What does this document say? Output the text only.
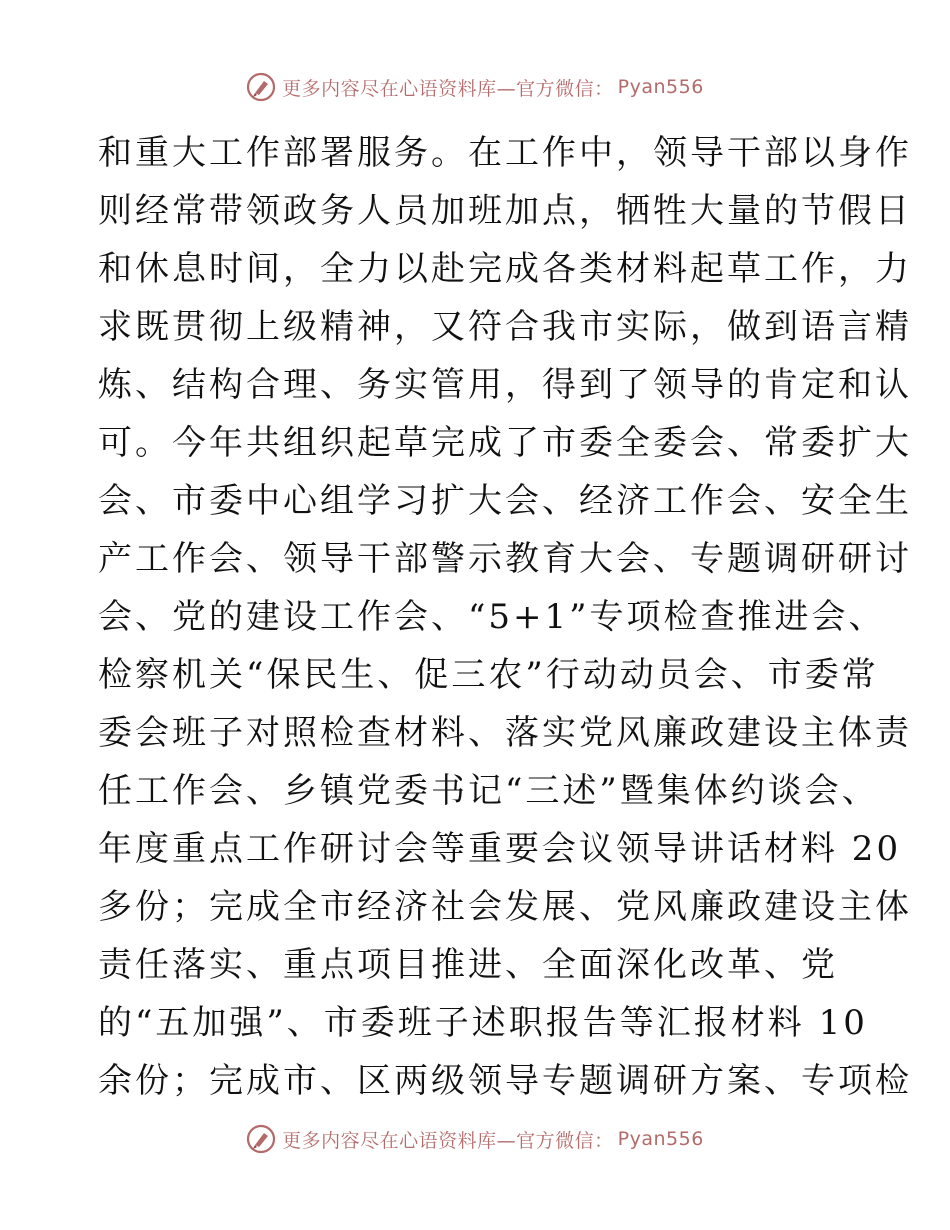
更多内容尽在心语资料库—官方微信： Pyan556
和重大工作部署服务。在工作中，领导干部以身作
则经常带领政务人员加班加点，牺牲大量的节假日
和休息时间，全力以赴完成各类材料起草工作，力
求既贯彻上级精神，又符合我市实际，做到语言精
炼、结构合理、务实管用，得到了领导的肯定和认
可。今年共组织起草完成了市委全委会、常委扩大
会、市委中心组学习扩大会、经济工作会、安全生
产工作会、领导干部警示教育大会、专题调研研讨
会、党的建设工作会、“5+1”专项检查推进会、
检察机关“保民生、促三农”行动动员会、市委常
委会班子对照检查材料、落实党风廉政建设主体责
任工作会、乡镇党委书记“三述”暨集体约谈会、
年度重点工作研讨会等重要会议领导讲话材料 20
多份；完成全市经济社会发展、党风廉政建设主体
责任落实、重点项目推进、全面深化改革、党
的“五加强”、市委班子述职报告等汇报材料 10
余份；完成市、区两级领导专题调研方案、专项检
更多内容尽在心语资料库—官方微信： Pyan556
